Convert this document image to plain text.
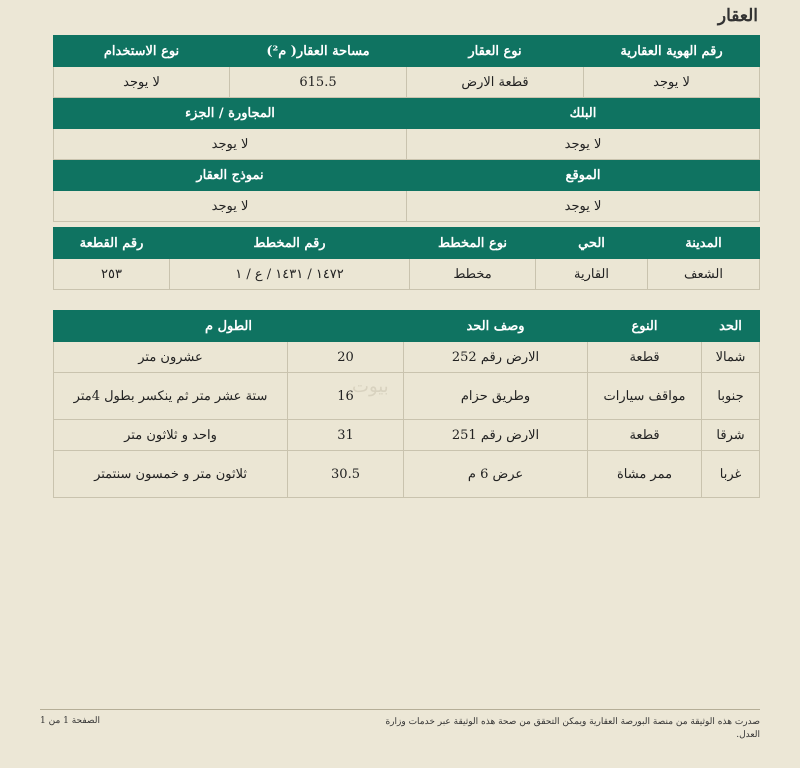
العقار
رقم الهوية العقارية	نوع العقار	مساحة العقار( م²)	نوع الاستخدام
لا يوجد	قطعة الارض	615.5	لا يوجد
البلك		المجاورة / الجزء	
لا يوجد		لا يوجد	
الموقع		نموذج العقار	
لا يوجد		لا يوجد	
المدينة	الحي	نوع المخطط	رقم المخطط	رقم القطعة
الشعف	القارية	مخطط	١٤٧٢ / ١٤٣١ / ع / ١	٢٥٣
الحد	النوع	وصف الحد	الطول م	
شمالا	قطعة	الارض رقم 252	20	عشرون متر
جنوبا	مواقف سيارات	وطريق حزام	16	ستة عشر متر ثم ينكسر بطول 4متر
شرقا	قطعة	الارض رقم 251	31	واحد و ثلاثون متر
غربا	ممر مشاة	عرض 6 م	30.5	ثلاثون متر و خمسون سنتمتر
بيوت
صدرت هذه الوثيقة من منصة البورصة العقارية ويمكن التحقق من صحة هذه الوثيقة عبر خدمات وزارة العدل.
الصفحة 1 من 1
